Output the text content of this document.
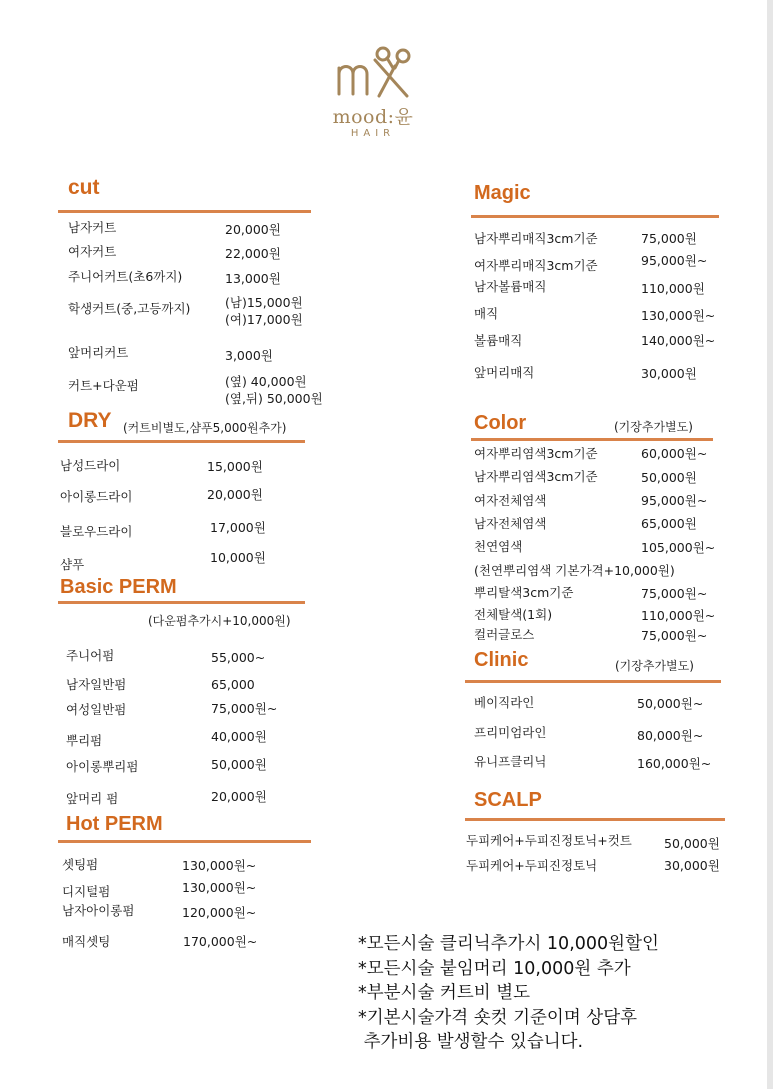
mood:윤
HAIR
cut
남자커트	20,000원
여자커트	22,000원
주니어커트(초6까지)	13,000원
학생커트(중,고등까지)	(남)15,000원
(여)17,000원
앞머리커트	3,000원
커트+다운펌	(옆) 40,000원
(옆,뒤) 50,000원
DRY (커트비별도,샴푸5,000원추가)
남성드라이	15,000원
아이롱드라이	20,000원
블로우드라이	17,000원
샴푸	10,000원
Basic PERM
(다운펌추가시+10,000원)
주니어펌	55,000~
남자일반펌	65,000
여성일반펌	75,000원~
뿌리펌	40,000원
아이롱뿌리펌	50,000원
앞머리 펌	20,000원
Hot PERM
셋팅펌	130,000원~
디지털펌	130,000원~
남자아이롱펌	120,000원~
매직셋팅	170,000원~
Magic
남자뿌리매직3cm기준	75,000원
여자뿌리매직3cm기준	95,000원~
남자볼륨매직	110,000원
매직	130,000원~
볼륨매직	140,000원~
앞머리매직	30,000원
Color	(기장추가별도)
여자뿌리염색3cm기준	60,000원~
남자뿌리염색3cm기준	50,000원
여자전체염색	95,000원~
남자전체염색	65,000원
천연염색	105,000원~
(천연뿌리염색 기본가격+10,000원)
뿌리탈색3cm기준	75,000원~
전체탈색(1회)	110,000원~
컬러글로스	75,000원~
Clinic	(기장추가별도)
베이직라인	50,000원~
프리미엄라인	80,000원~
유니프클리닉	160,000원~
SCALP
두피케어+두피진정토닉+컷트	50,000원
두피케어+두피진정토닉	30,000원
*모든시술 클리닉추가시 10,000원할인
*모든시술 붙임머리 10,000원 추가
*부분시술 커트비 별도
*기본시술가격 숏컷 기준이며 상담후
추가비용 발생할수 있습니다.
